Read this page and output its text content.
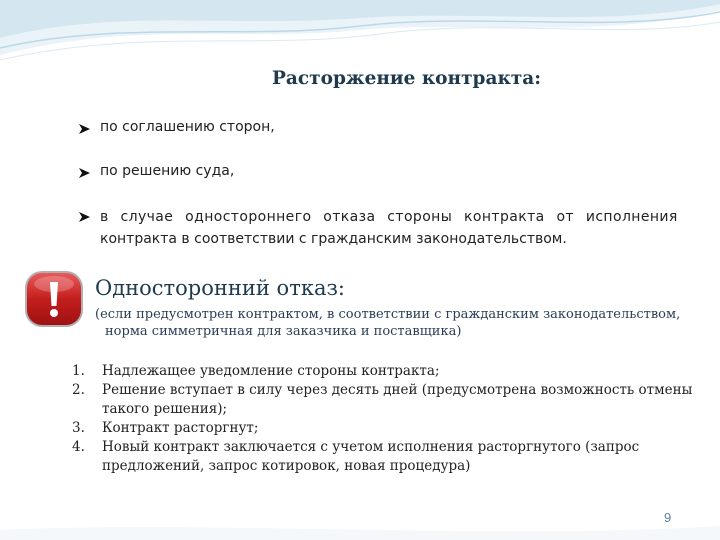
Расторжение контракта:
по соглашению сторон,
по решению суда,
в случае одностороннего отказа стороны контракта от исполнения
контракта в соответствии с гражданским законодательством.
Односторонний отказ:
(если предусмотрен контрактом, в соответствии с гражданским законодательством,
норма симметричная для заказчика и поставщика)
1. Надлежащее уведомление стороны контракта;
2. Решение вступает в силу через десять дней (предусмотрена возможность отмены такого решения);
3. Контракт расторгнут;
4. Новый контракт заключается с учетом исполнения расторгнутого (запрос предложений, запрос котировок, новая процедура)
9
